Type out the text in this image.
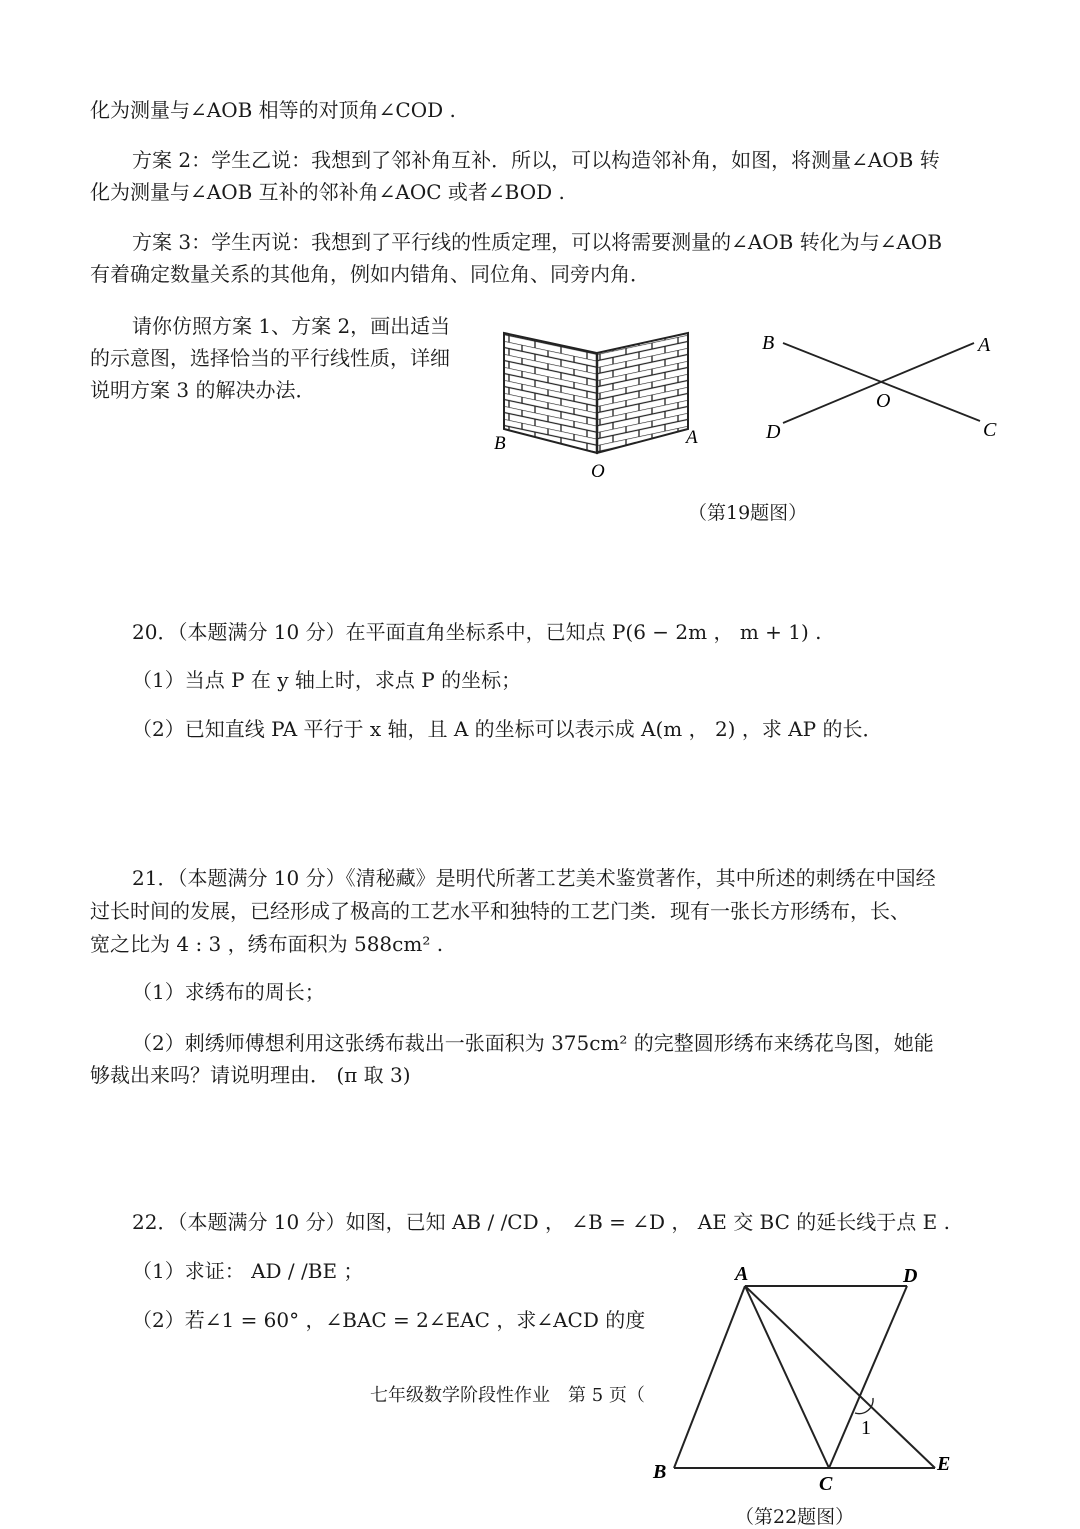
化为测量与∠AOB 相等的对顶角∠COD .
方案 2：学生乙说：我想到了邻补角互补．所以，可以构造邻补角，如图，将测量∠AOB 转
化为测量与∠AOB 互补的邻补角∠AOC 或者∠BOD .
方案 3：学生丙说：我想到了平行线的性质定理，可以将需要测量的∠AOB 转化为与∠AOB
有着确定数量关系的其他角，例如内错角、同位角、同旁内角．
请你仿照方案 1、方案 2，画出适当
的示意图，选择恰当的平行线性质，详细
说明方案 3 的解决办法．
B	A
O
B	A
O
D	C
（第19题图）
20．（本题满分 10 分）在平面直角坐标系中，已知点 P(6 − 2m ， m + 1) .
（1）当点 P 在 y 轴上时，求点 P 的坐标；
（2）已知直线 PA 平行于 x 轴，且 A 的坐标可以表示成 A(m ， 2) ，求 AP 的长．
21．（本题满分 10 分）《清秘藏》是明代所著工艺美术鉴赏著作，其中所述的刺绣在中国经
过长时间的发展，已经形成了极高的工艺水平和独特的工艺门类．现有一张长方形绣布，长、
宽之比为 4 : 3 ，绣布面积为 588cm² .
（1）求绣布的周长；
（2）刺绣师傅想利用这张绣布裁出一张面积为 375cm² 的完整圆形绣布来绣花鸟图，她能
够裁出来吗？请说明理由． (π 取 3)
22．（本题满分 10 分）如图，已知 AB / /CD ， ∠B = ∠D ， AE 交 BC 的延长线于点 E .
（1）求证： AD / /BE ；
（2）若∠1 = 60° ，∠BAC = 2∠EAC ，求∠ACD 的度数．
七年级数学阶段性作业　第 5 页（
A	D
B
C
E
1
（第22题图）
